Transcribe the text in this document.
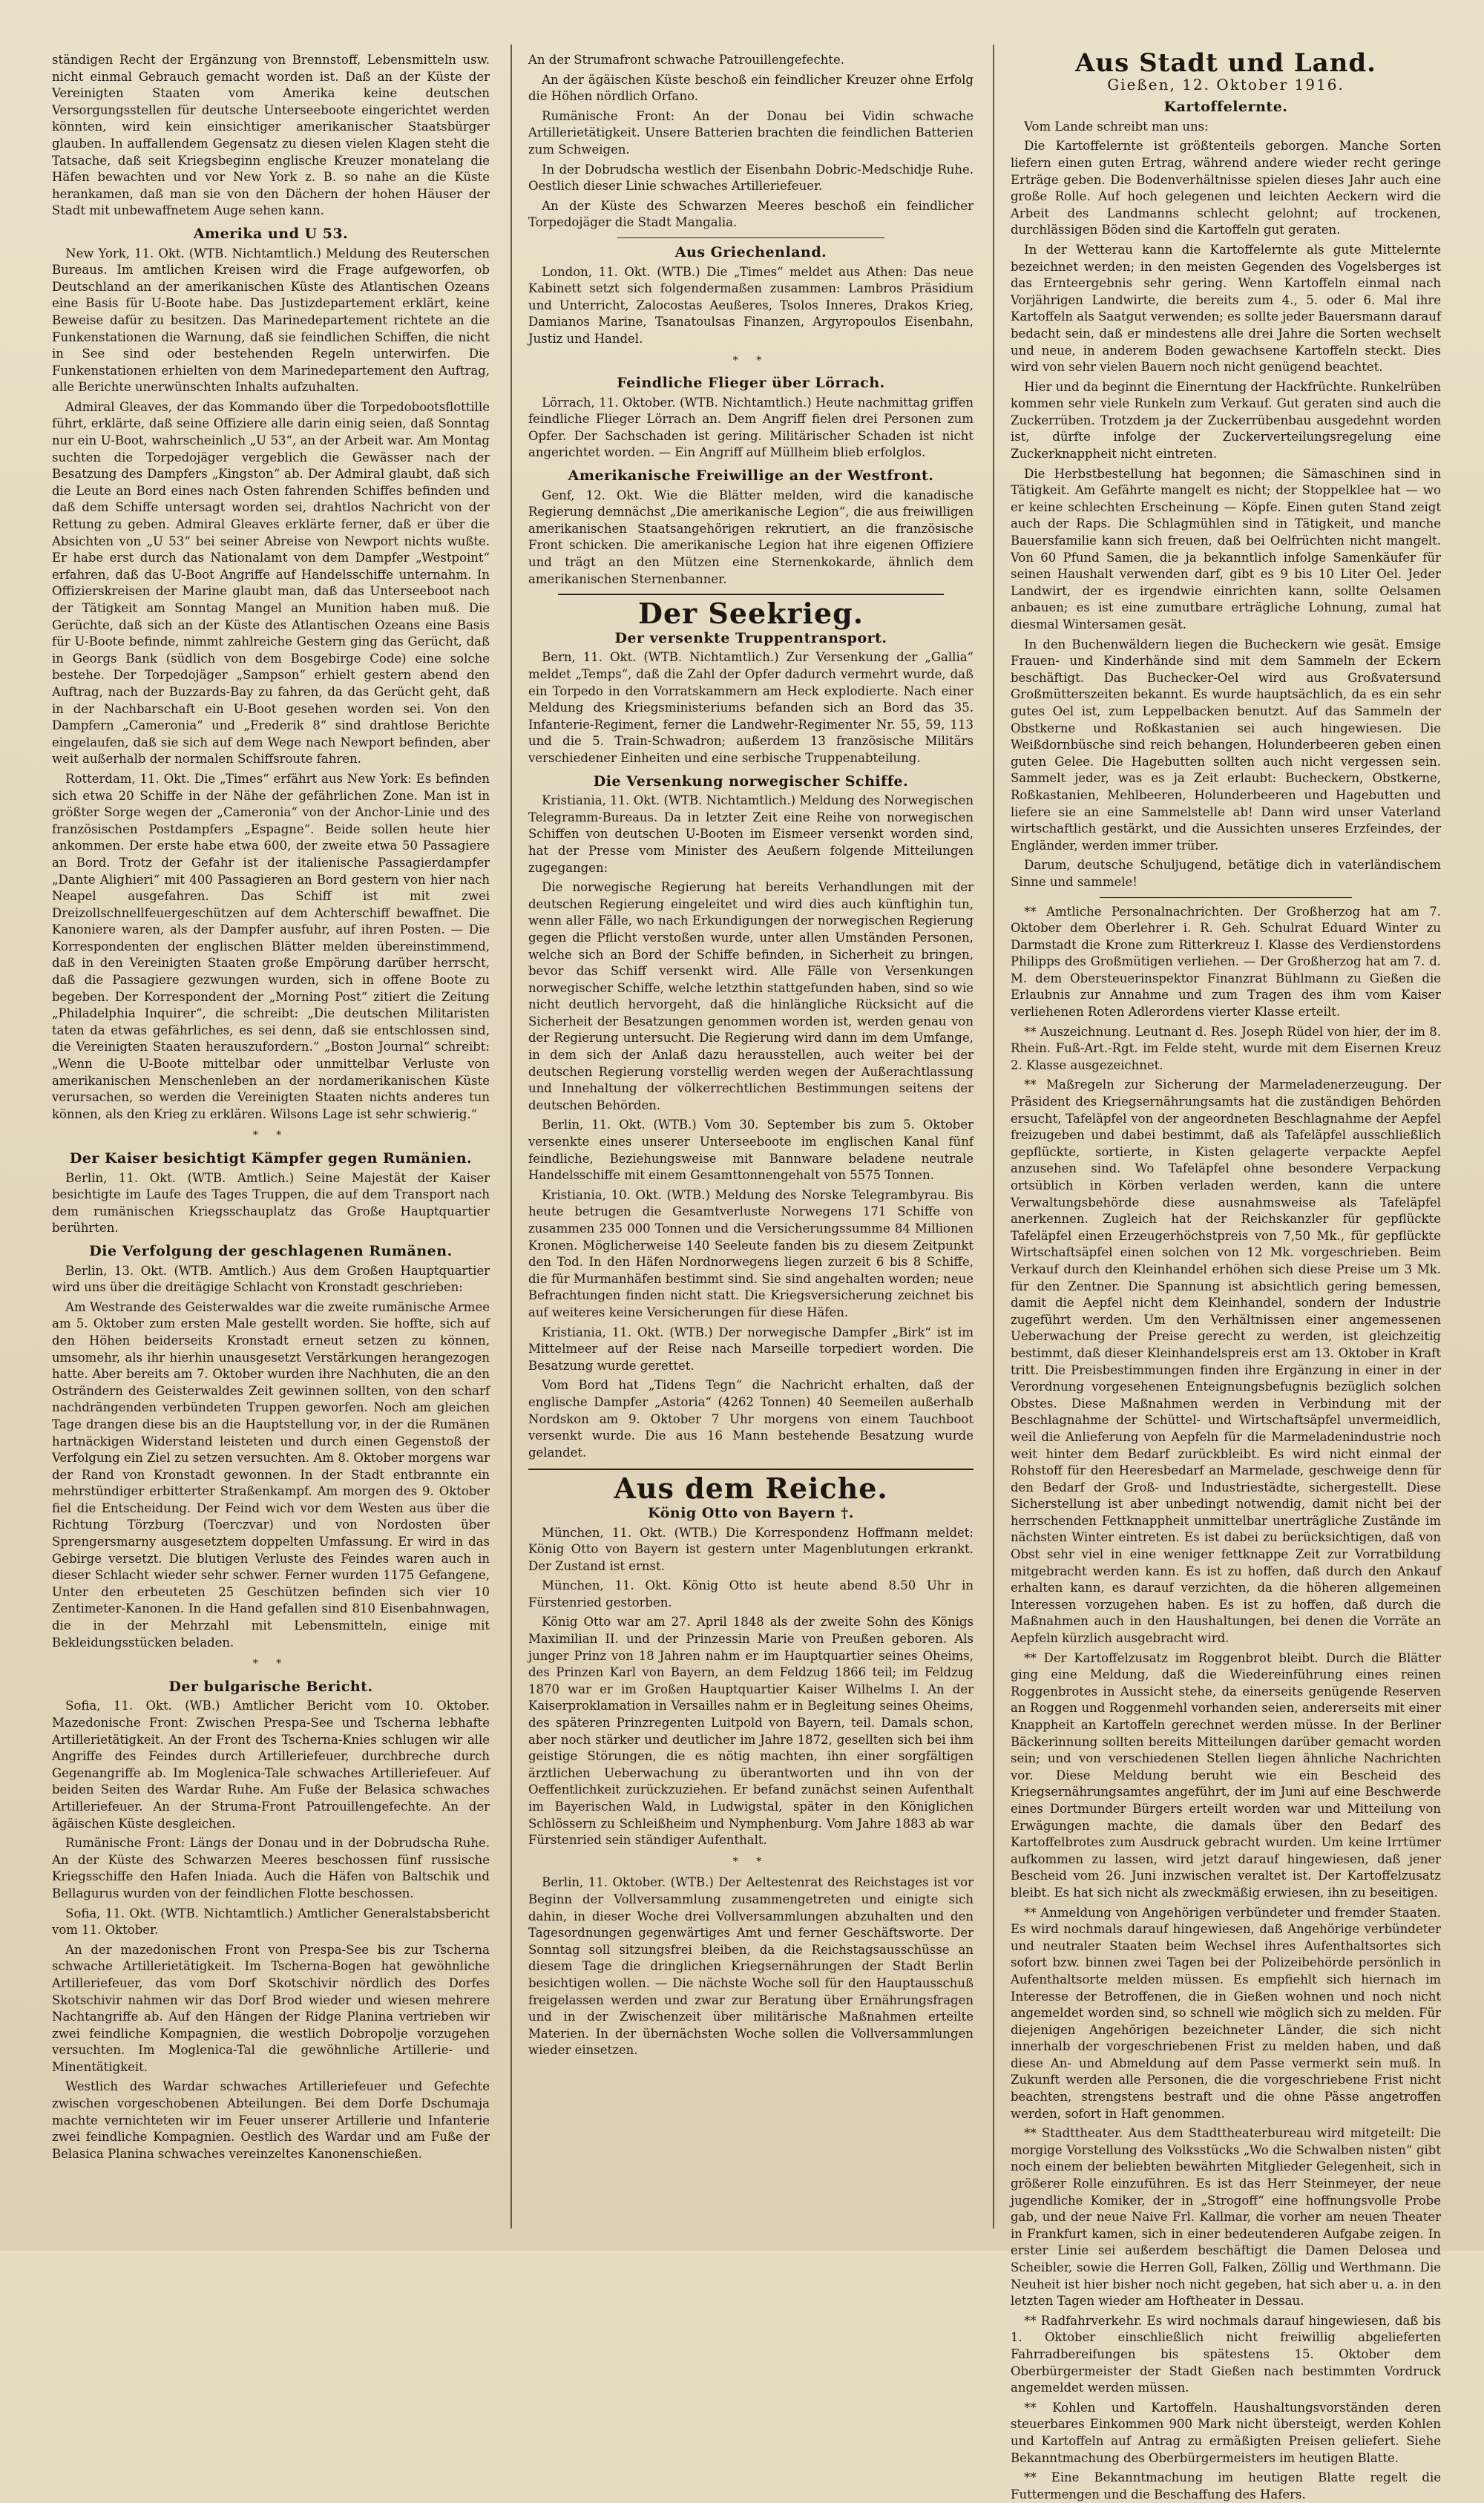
ständigen Recht der Ergänzung von Brennstoff, Lebensmitteln usw. nicht einmal Gebrauch gemacht worden ist. Daß an der Küste der Vereinigten Staaten vom Amerika keine deutschen Versorgungsstellen für deutsche Unterseeboote eingerichtet werden könnten, wird kein einsichtiger amerikanischer Staatsbürger glauben. In auffallendem Gegensatz zu diesen vielen Klagen steht die Tatsache, daß seit Kriegsbeginn englische Kreuzer monatelang die Häfen bewachten und vor New York z. B. so nahe an die Küste herankamen, daß man sie von den Dächern der hohen Häuser der Stadt mit unbewaffnetem Auge sehen kann.

Amerika und U 53.

New York, 11. Okt. (WTB. Nichtamtlich.) Meldung des Reuterschen Bureaus. Im amtlichen Kreisen wird die Frage aufgeworfen, ob Deutschland an der amerikanischen Küste des Atlantischen Ozeans eine Basis für U-Boote habe. Das Justizdepartement erklärt, keine Beweise dafür zu besitzen. Das Marinedepartement richtete an die Funkenstationen die Warnung, daß sie feindlichen Schiffen, die nicht in See sind oder bestehenden Regeln unterwirfen. Die Funkenstationen erhielten von dem Marinedepartement den Auftrag, alle Berichte unerwünschten Inhalts aufzuhalten.

Admiral Gleaves, der das Kommando über die Torpedobootsflottille führt, erklärte, daß seine Offiziere alle darin einig seien, daß Sonntag nur ein U-Boot, wahrscheinlich „U 53“, an der Arbeit war. Am Montag suchten die Torpedojäger vergeblich die Gewässer nach der Besatzung des Dampfers „Kingston“ ab. Der Admiral glaubt, daß sich die Leute an Bord eines nach Osten fahrenden Schiffes befinden und daß dem Schiffe untersagt worden sei, drahtlos Nachricht von der Rettung zu geben. Admiral Gleaves erklärte ferner, daß er über die Absichten von „U 53“ bei seiner Abreise von Newport nichts wußte. Er habe erst durch das Nationalamt von dem Dampfer „Westpoint“ erfahren, daß das U-Boot Angriffe auf Handelsschiffe unternahm. In Offizierskreisen der Marine glaubt man, daß das Unterseeboot nach der Tätigkeit am Sonntag Mangel an Munition haben muß. Die Gerüchte, daß sich an der Küste des Atlantischen Ozeans eine Basis für U-Boote befinde, nimmt zahlreiche Gestern ging das Gerücht, daß in Georgs Bank (südlich von dem Bosgebirge Code) eine solche bestehe. Der Torpedojäger „Sampson“ erhielt gestern abend den Auftrag, nach der Buzzards-Bay zu fahren, da das Gerücht geht, daß in der Nachbarschaft ein U-Boot gesehen worden sei. Von den Dampfern „Cameronia“ und „Frederik 8“ sind drahtlose Berichte eingelaufen, daß sie sich auf dem Wege nach Newport befinden, aber weit außerhalb der normalen Schiffsroute fahren.

Rotterdam, 11. Okt. Die „Times“ erfährt aus New York: Es befinden sich etwa 20 Schiffe in der Nähe der gefährlichen Zone. Man ist in größter Sorge wegen der „Cameronia“ von der Anchor-Linie und des französischen Postdampfers „Espagne“. Beide sollen heute hier ankommen. Der erste habe etwa 600, der zweite etwa 50 Passagiere an Bord. Trotz der Gefahr ist der italienische Passagierdampfer „Dante Alighieri“ mit 400 Passagieren an Bord gestern von hier nach Neapel ausgefahren. Das Schiff ist mit zwei Dreizollschnellfeuergeschützen auf dem Achterschiff bewaffnet. Die Kanoniere waren, als der Dampfer ausfuhr, auf ihren Posten. — Die Korrespondenten der englischen Blätter melden übereinstimmend, daß in den Vereinigten Staaten große Empörung darüber herrscht, daß die Passagiere gezwungen wurden, sich in offene Boote zu begeben. Der Korrespondent der „Morning Post“ zitiert die Zeitung „Philadelphia Inquirer“, die schreibt: „Die deutschen Militaristen taten da etwas gefährliches, es sei denn, daß sie entschlossen sind, die Vereinigten Staaten herauszufordern.“ „Boston Journal“ schreibt: „Wenn die U-Boote mittelbar oder unmittelbar Verluste von amerikanischen Menschenleben an der nordamerikanischen Küste verursachen, so werden die Vereinigten Staaten nichts anderes tun können, als den Krieg zu erklären. Wilsons Lage ist sehr schwierig.“

* *
Der Kaiser besichtigt Kämpfer gegen Rumänien.

Berlin, 11. Okt. (WTB. Amtlich.) Seine Majestät der Kaiser besichtigte im Laufe des Tages Truppen, die auf dem Transport nach dem rumänischen Kriegsschauplatz das Große Hauptquartier berührten.

Die Verfolgung der geschlagenen Rumänen.

Berlin, 13. Okt. (WTB. Amtlich.) Aus dem Großen Hauptquartier wird uns über die dreitägige Schlacht von Kronstadt geschrieben:

Am Westrande des Geisterwaldes war die zweite rumänische Armee am 5. Oktober zum ersten Male gestellt worden. Sie hoffte, sich auf den Höhen beiderseits Kronstadt erneut setzen zu können, umsomehr, als ihr hierhin unausgesetzt Verstärkungen herangezogen hatte. Aber bereits am 7. Oktober wurden ihre Nachhuten, die an den Osträndern des Geisterwaldes Zeit gewinnen sollten, von den scharf nachdrängenden verbündeten Truppen geworfen. Noch am gleichen Tage drangen diese bis an die Hauptstellung vor, in der die Rumänen hartnäckigen Widerstand leisteten und durch einen Gegenstoß der Verfolgung ein Ziel zu setzen versuchten. Am 8. Oktober morgens war der Rand von Kronstadt gewonnen. In der Stadt entbrannte ein mehrstündiger erbitterter Straßenkampf. Am morgen des 9. Oktober fiel die Entscheidung. Der Feind wich vor dem Westen aus über die Richtung Törzburg (Toerczvar) und von Nordosten über Sprengersmarny ausgesetztem doppelten Umfassung. Er wird in das Gebirge versetzt. Die blutigen Verluste des Feindes waren auch in dieser Schlacht wieder sehr schwer. Ferner wurden 1175 Gefangene, Unter den erbeuteten 25 Geschützen befinden sich vier 10 Zentimeter-Kanonen. In die Hand gefallen sind 810 Eisenbahnwagen, die in der Mehrzahl mit Lebensmitteln, einige mit Bekleidungsstücken beladen.

* *
Der bulgarische Bericht.

Sofia, 11. Okt. (WB.) Amtlicher Bericht vom 10. Oktober. Mazedonische Front: Zwischen Prespa-See und Tscherna lebhafte Artillerietätigkeit. An der Front des Tscherna-Knies schlugen wir alle Angriffe des Feindes durch Artilleriefeuer, durchbreche durch Gegenangriffe ab. Im Moglenica-Tale schwaches Artilleriefeuer. Auf beiden Seiten des Wardar Ruhe. Am Fuße der Belasica schwaches Artilleriefeuer. An der Struma-Front Patrouillengefechte. An der ägäischen Küste desgleichen.

Rumänische Front: Längs der Donau und in der Dobrudscha Ruhe. An der Küste des Schwarzen Meeres beschossen fünf russische Kriegsschiffe den Hafen Iniada. Auch die Häfen von Baltschik und Bellagurus wurden von der feindlichen Flotte beschossen.

Sofia, 11. Okt. (WTB. Nichtamtlich.) Amtlicher Generalstabsbericht vom 11. Oktober.

An der mazedonischen Front von Prespa-See bis zur Tscherna schwache Artillerietätigkeit. Im Tscherna-Bogen hat gewöhnliche Artilleriefeuer, das vom Dorf Skotschivir nördlich des Dorfes Skotschivir nahmen wir das Dorf Brod wieder und wiesen mehrere Nachtangriffe ab. Auf den Hängen der Ridge Planina vertrieben wir zwei feindliche Kompagnien, die westlich Dobropolje vorzugehen versuchten. Im Moglenica-Tal die gewöhnliche Artillerie- und Minentätigkeit.

Westlich des Wardar schwaches Artilleriefeuer und Gefechte zwischen vorgeschobenen Abteilungen. Bei dem Dorfe Dschumaja machte vernichteten wir im Feuer unserer Artillerie und Infanterie zwei feindliche Kompagnien. Oestlich des Wardar und am Fuße der Belasica Planina schwaches vereinzeltes Kanonenschießen.

An der Strumafront schwache Patrouillengefechte.

An der ägäischen Küste beschoß ein feindlicher Kreuzer ohne Erfolg die Höhen nördlich Orfano.

Rumänische Front: An der Donau bei Vidin schwache Artillerietätigkeit. Unsere Batterien brachten die feindlichen Batterien zum Schweigen.

In der Dobrudscha westlich der Eisenbahn Dobric-Medschidje Ruhe. Oestlich dieser Linie schwaches Artilleriefeuer.

An der Küste des Schwarzen Meeres beschoß ein feindlicher Torpedojäger die Stadt Mangalia.

Aus Griechenland.

London, 11. Okt. (WTB.) Die „Times“ meldet aus Athen: Das neue Kabinett setzt sich folgendermaßen zusammen: Lambros Präsidium und Unterricht, Zalocostas Aeußeres, Tsolos Inneres, Drakos Krieg, Damianos Marine, Tsanatoulsas Finanzen, Argyropoulos Eisenbahn, Justiz und Handel.

* *
Feindliche Flieger über Lörrach.

Lörrach, 11. Oktober. (WTB. Nichtamtlich.) Heute nachmittag griffen feindliche Flieger Lörrach an. Dem Angriff fielen drei Personen zum Opfer. Der Sachschaden ist gering. Militärischer Schaden ist nicht angerichtet worden. — Ein Angriff auf Müllheim blieb erfolglos.

Amerikanische Freiwillige an der Westfront.

Genf, 12. Okt. Wie die Blätter melden, wird die kanadische Regierung demnächst „Die amerikanische Legion“, die aus freiwilligen amerikanischen Staatsangehörigen rekrutiert, an die französische Front schicken. Die amerikanische Legion hat ihre eigenen Offiziere und trägt an den Mützen eine Sternenkokarde, ähnlich dem amerikanischen Sternenbanner.

Der Seekrieg.
Der versenkte Truppentransport.

Bern, 11. Okt. (WTB. Nichtamtlich.) Zur Versenkung der „Gallia“ meldet „Temps“, daß die Zahl der Opfer dadurch vermehrt wurde, daß ein Torpedo in den Vorratskammern am Heck explodierte. Nach einer Meldung des Kriegsministeriums befanden sich an Bord das 35. Infanterie-Regiment, ferner die Landwehr-Regimenter Nr. 55, 59, 113 und die 5. Train-Schwadron; außerdem 13 französische Militärs verschiedener Einheiten und eine serbische Truppenabteilung.

Die Versenkung norwegischer Schiffe.

Kristiania, 11. Okt. (WTB. Nichtamtlich.) Meldung des Norwegischen Telegramm-Bureaus. Da in letzter Zeit eine Reihe von norwegischen Schiffen von deutschen U-Booten im Eismeer versenkt worden sind, hat der Presse vom Minister des Aeußern folgende Mitteilungen zugegangen:

Die norwegische Regierung hat bereits Verhandlungen mit der deutschen Regierung eingeleitet und wird dies auch künftighin tun, wenn aller Fälle, wo nach Erkundigungen der norwegischen Regierung gegen die Pflicht verstoßen wurde, unter allen Umständen Personen, welche sich an Bord der Schiffe befinden, in Sicherheit zu bringen, bevor das Schiff versenkt wird. Alle Fälle von Versenkungen norwegischer Schiffe, welche letzthin stattgefunden haben, sind so wie nicht deutlich hervorgeht, daß die hinlängliche Rücksicht auf die Sicherheit der Besatzungen genommen worden ist, werden genau von der Regierung untersucht. Die Regierung wird dann im dem Umfange, in dem sich der Anlaß dazu herausstellen, auch weiter bei der deutschen Regierung vorstellig werden wegen der Außerachtlassung und Innehaltung der völkerrechtlichen Bestimmungen seitens der deutschen Behörden.

Berlin, 11. Okt. (WTB.) Vom 30. September bis zum 5. Oktober versenkte eines unserer Unterseeboote im englischen Kanal fünf feindliche, Beziehungsweise mit Bannware beladene neutrale Handelsschiffe mit einem Gesamttonnengehalt von 5575 Tonnen.

Kristiania, 10. Okt. (WTB.) Meldung des Norske Telegrambyrau. Bis heute betrugen die Gesamtverluste Norwegens 171 Schiffe von zusammen 235 000 Tonnen und die Versicherungssumme 84 Millionen Kronen. Möglicherweise 140 Seeleute fanden bis zu diesem Zeitpunkt den Tod. In den Häfen Nordnorwegens liegen zurzeit 6 bis 8 Schiffe, die für Murmanhäfen bestimmt sind. Sie sind angehalten worden; neue Befrachtungen finden nicht statt. Die Kriegsversicherung zeichnet bis auf weiteres keine Versicherungen für diese Häfen.

Kristiania, 11. Okt. (WTB.) Der norwegische Dampfer „Birk“ ist im Mittelmeer auf der Reise nach Marseille torpediert worden. Die Besatzung wurde gerettet.

Vom Bord hat „Tidens Tegn“ die Nachricht erhalten, daß der englische Dampfer „Astoria“ (4262 Tonnen) 40 Seemeilen außerhalb Nordskon am 9. Oktober 7 Uhr morgens von einem Tauchboot versenkt wurde. Die aus 16 Mann bestehende Besatzung wurde gelandet.

Aus dem Reiche.
König Otto von Bayern †.

München, 11. Okt. (WTB.) Die Korrespondenz Hoffmann meldet: König Otto von Bayern ist gestern unter Magenblutungen erkrankt. Der Zustand ist ernst.

München, 11. Okt. König Otto ist heute abend 8.50 Uhr in Fürstenried gestorben.

König Otto war am 27. April 1848 als der zweite Sohn des Königs Maximilian II. und der Prinzessin Marie von Preußen geboren. Als junger Prinz von 18 Jahren nahm er im Hauptquartier seines Oheims, des Prinzen Karl von Bayern, an dem Feldzug 1866 teil; im Feldzug 1870 war er im Großen Hauptquartier Kaiser Wilhelms I. An der Kaiserproklamation in Versailles nahm er in Begleitung seines Oheims, des späteren Prinzregenten Luitpold von Bayern, teil. Damals schon, aber noch stärker und deutlicher im Jahre 1872, gesellten sich bei ihm geistige Störungen, die es nötig machten, ihn einer sorgfältigen ärztlichen Ueberwachung zu überantworten und ihn von der Oeffentlichkeit zurückzuziehen. Er befand zunächst seinen Aufenthalt im Bayerischen Wald, in Ludwigstal, später in den Königlichen Schlössern zu Schleißheim und Nymphenburg. Vom Jahre 1883 ab war Fürstenried sein ständiger Aufenthalt.

* *

Berlin, 11. Oktober. (WTB.) Der Aeltestenrat des Reichstages ist vor Beginn der Vollversammlung zusammengetreten und einigte sich dahin, in dieser Woche drei Vollversammlungen abzuhalten und den Tagesordnungen gegenwärtiges Amt und ferner Geschäftsworte. Der Sonntag soll sitzungsfrei bleiben, da die Reichstagsausschüsse an diesem Tage die dringlichen Kriegsernährungen der Stadt Berlin besichtigen wollen. — Die nächste Woche soll für den Hauptausschuß freigelassen werden und zwar zur Beratung über Ernährungsfragen und in der Zwischenzeit über militärische Maßnahmen erteilte Materien. In der übernächsten Woche sollen die Vollversammlungen wieder einsetzen.

Aus Stadt und Land.
Gießen, 12. Oktober 1916.
Kartoffelernte.

Vom Lande schreibt man uns:

Die Kartoffelernte ist größtenteils geborgen. Manche Sorten liefern einen guten Ertrag, während andere wieder recht geringe Erträge geben. Die Bodenverhältnisse spielen dieses Jahr auch eine große Rolle. Auf hoch gelegenen und leichten Aeckern wird die Arbeit des Landmanns schlecht gelohnt; auf trockenen, durchlässigen Böden sind die Kartoffeln gut geraten.

In der Wetterau kann die Kartoffelernte als gute Mittelernte bezeichnet werden; in den meisten Gegenden des Vogelsberges ist das Ernteergebnis sehr gering. Wenn Kartoffeln einmal nach Vorjährigen Landwirte, die bereits zum 4., 5. oder 6. Mal ihre Kartoffeln als Saatgut verwenden; es sollte jeder Bauersmann darauf bedacht sein, daß er mindestens alle drei Jahre die Sorten wechselt und neue, in anderem Boden gewachsene Kartoffeln steckt. Dies wird von sehr vielen Bauern noch nicht genügend beachtet.

Hier und da beginnt die Einerntung der Hackfrüchte. Runkelrüben kommen sehr viele Runkeln zum Verkauf. Gut geraten sind auch die Zuckerrüben. Trotzdem ja der Zuckerrübenbau ausgedehnt worden ist, dürfte infolge der Zuckerverteilungsregelung eine Zuckerknappheit nicht eintreten.

Die Herbstbestellung hat begonnen; die Sämaschinen sind in Tätigkeit. Am Gefährte mangelt es nicht; der Stoppelklee hat — wo er keine schlechten Erscheinung — Köpfe. Einen guten Stand zeigt auch der Raps. Die Schlagmühlen sind in Tätigkeit, und manche Bauersfamilie kann sich freuen, daß bei Oelfrüchten nicht mangelt. Von 60 Pfund Samen, die ja bekanntlich infolge Samenkäufer für seinen Haushalt verwenden darf, gibt es 9 bis 10 Liter Oel. Jeder Landwirt, der es irgendwie einrichten kann, sollte Oelsamen anbauen; es ist eine zumutbare erträgliche Lohnung, zumal hat diesmal Wintersamen gesät.

In den Buchenwäldern liegen die Bucheckern wie gesät. Emsige Frauen- und Kinderhände sind mit dem Sammeln der Eckern beschäftigt. Das Buchecker-Oel wird aus Großvatersund Großmütterszeiten bekannt. Es wurde hauptsächlich, da es ein sehr gutes Oel ist, zum Leppelbacken benutzt. Auf das Sammeln der Obstkerne und Roßkastanien sei auch hingewiesen. Die Weißdornbüsche sind reich behangen, Holunderbeeren geben einen guten Gelee. Die Hagebutten sollten auch nicht vergessen sein. Sammelt jeder, was es ja Zeit erlaubt: Bucheckern, Obstkerne, Roßkastanien, Mehlbeeren, Holunderbeeren und Hagebutten und liefere sie an eine Sammelstelle ab! Dann wird unser Vaterland wirtschaftlich gestärkt, und die Aussichten unseres Erzfeindes, der Engländer, werden immer trüber.

Darum, deutsche Schuljugend, betätige dich in vaterländischem Sinne und sammele!

** Amtliche Personalnachrichten. Der Großherzog hat am 7. Oktober dem Oberlehrer i. R. Geh. Schulrat Eduard Winter zu Darmstadt die Krone zum Ritterkreuz I. Klasse des Verdienstordens Philipps des Großmütigen verliehen. — Der Großherzog hat am 7. d. M. dem Obersteuerinspektor Finanzrat Bühlmann zu Gießen die Erlaubnis zur Annahme und zum Tragen des ihm vom Kaiser verliehenen Roten Adlerordens vierter Klasse erteilt.

** Auszeichnung. Leutnant d. Res. Joseph Rüdel von hier, der im 8. Rhein. Fuß-Art.-Rgt. im Felde steht, wurde mit dem Eisernen Kreuz 2. Klasse ausgezeichnet.

** Maßregeln zur Sicherung der Marmeladenerzeugung. Der Präsident des Kriegsernährungsamts hat die zuständigen Behörden ersucht, Tafeläpfel von der angeordneten Beschlagnahme der Aepfel freizugeben und dabei bestimmt, daß als Tafeläpfel ausschließlich gepflückte, sortierte, in Kisten gelagerte verpackte Aepfel anzusehen sind. Wo Tafeläpfel ohne besondere Verpackung ortsüblich in Körben verladen werden, kann die untere Verwaltungsbehörde diese ausnahmsweise als Tafeläpfel anerkennen. Zugleich hat der Reichskanzler für gepflückte Tafeläpfel einen Erzeugerhöchstpreis von 7,50 Mk., für gepflückte Wirtschaftsäpfel einen solchen von 12 Mk. vorgeschrieben. Beim Verkauf durch den Kleinhandel erhöhen sich diese Preise um 3 Mk. für den Zentner. Die Spannung ist absichtlich gering bemessen, damit die Aepfel nicht dem Kleinhandel, sondern der Industrie zugeführt werden. Um den Verhältnissen einer angemessenen Ueberwachung der Preise gerecht zu werden, ist gleichzeitig bestimmt, daß dieser Kleinhandelspreis erst am 13. Oktober in Kraft tritt. Die Preisbestimmungen finden ihre Ergänzung in einer in der Verordnung vorgesehenen Enteignungsbefugnis bezüglich solchen Obstes. Diese Maßnahmen werden in Verbindung mit der Beschlagnahme der Schüttel- und Wirtschaftsäpfel unvermeidlich, weil die Anlieferung von Aepfeln für die Marmeladenindustrie noch weit hinter dem Bedarf zurückbleibt. Es wird nicht einmal der Rohstoff für den Heeresbedarf an Marmelade, geschweige denn für den Bedarf der Groß- und Industriestädte, sichergestellt. Diese Sicherstellung ist aber unbedingt notwendig, damit nicht bei der herrschenden Fettknappheit unmittelbar unerträgliche Zustände im nächsten Winter eintreten. Es ist dabei zu berücksichtigen, daß von Obst sehr viel in eine weniger fettknappe Zeit zur Vorratbildung mitgebracht werden kann. Es ist zu hoffen, daß durch den Ankauf erhalten kann, es darauf verzichten, da die höheren allgemeinen Interessen vorzugehen haben. Es ist zu hoffen, daß durch die Maßnahmen auch in den Haushaltungen, bei denen die Vorräte an Aepfeln kürzlich ausgebracht wird.

** Der Kartoffelzusatz im Roggenbrot bleibt. Durch die Blätter ging eine Meldung, daß die Wiedereinführung eines reinen Roggenbrotes in Aussicht stehe, da einerseits genügende Reserven an Roggen und Roggenmehl vorhanden seien, andererseits mit einer Knappheit an Kartoffeln gerechnet werden müsse. In der Berliner Bäckerinnung sollten bereits Mitteilungen darüber gemacht worden sein; und von verschiedenen Stellen liegen ähnliche Nachrichten vor. Diese Meldung beruht wie ein Bescheid des Kriegsernährungsamtes angeführt, der im Juni auf eine Beschwerde eines Dortmunder Bürgers erteilt worden war und Mitteilung von Erwägungen machte, die damals über den Bedarf des Kartoffelbrotes zum Ausdruck gebracht wurden. Um keine Irrtümer aufkommen zu lassen, wird jetzt darauf hingewiesen, daß jener Bescheid vom 26. Juni inzwischen veraltet ist. Der Kartoffelzusatz bleibt. Es hat sich nicht als zweckmäßig erwiesen, ihn zu beseitigen.

** Anmeldung von Angehörigen verbündeter und fremder Staaten. Es wird nochmals darauf hingewiesen, daß Angehörige verbündeter und neutraler Staaten beim Wechsel ihres Aufenthaltsortes sich sofort bzw. binnen zwei Tagen bei der Polizeibehörde persönlich in Aufenthaltsorte melden müssen. Es empfiehlt sich hiernach im Interesse der Betroffenen, die in Gießen wohnen und noch nicht angemeldet worden sind, so schnell wie möglich sich zu melden. Für diejenigen Angehörigen bezeichneter Länder, die sich nicht innerhalb der vorgeschriebenen Frist zu melden haben, und daß diese An- und Abmeldung auf dem Passe vermerkt sein muß. In Zukunft werden alle Personen, die die vorgeschriebene Frist nicht beachten, strengstens bestraft und die ohne Pässe angetroffen werden, sofort in Haft genommen.

** Stadttheater. Aus dem Stadttheaterbureau wird mitgeteilt: Die morgige Vorstellung des Volksstücks „Wo die Schwalben nisten“ gibt noch einem der beliebten bewährten Mitglieder Gelegenheit, sich in größerer Rolle einzuführen. Es ist das Herr Steinmeyer, der neue jugendliche Komiker, der in „Strogoff“ eine hoffnungsvolle Probe gab, und der neue Naive Frl. Kallmar, die vorher am neuen Theater in Frankfurt kamen, sich in einer bedeutenderen Aufgabe zeigen. In erster Linie sei außerdem beschäftigt die Damen Delosea und Scheibler, sowie die Herren Goll, Falken, Zöllig und Werthmann. Die Neuheit ist hier bisher noch nicht gegeben, hat sich aber u. a. in den letzten Tagen wieder am Hoftheater in Dessau.

** Radfahrverkehr. Es wird nochmals darauf hingewiesen, daß bis 1. Oktober einschließlich nicht freiwillig abgelieferten Fahrradbereifungen bis spätestens 15. Oktober dem Oberbürgermeister der Stadt Gießen nach bestimmten Vordruck angemeldet werden müssen.

** Kohlen und Kartoffeln. Haushaltungsvorständen deren steuerbares Einkommen 900 Mark nicht übersteigt, werden Kohlen und Kartoffeln auf Antrag zu ermäßigten Preisen geliefert. Siehe Bekanntmachung des Oberbürgermeisters im heutigen Blatte.

** Eine Bekanntmachung im heutigen Blatte regelt die Futtermengen und die Beschaffung des Hafers.
